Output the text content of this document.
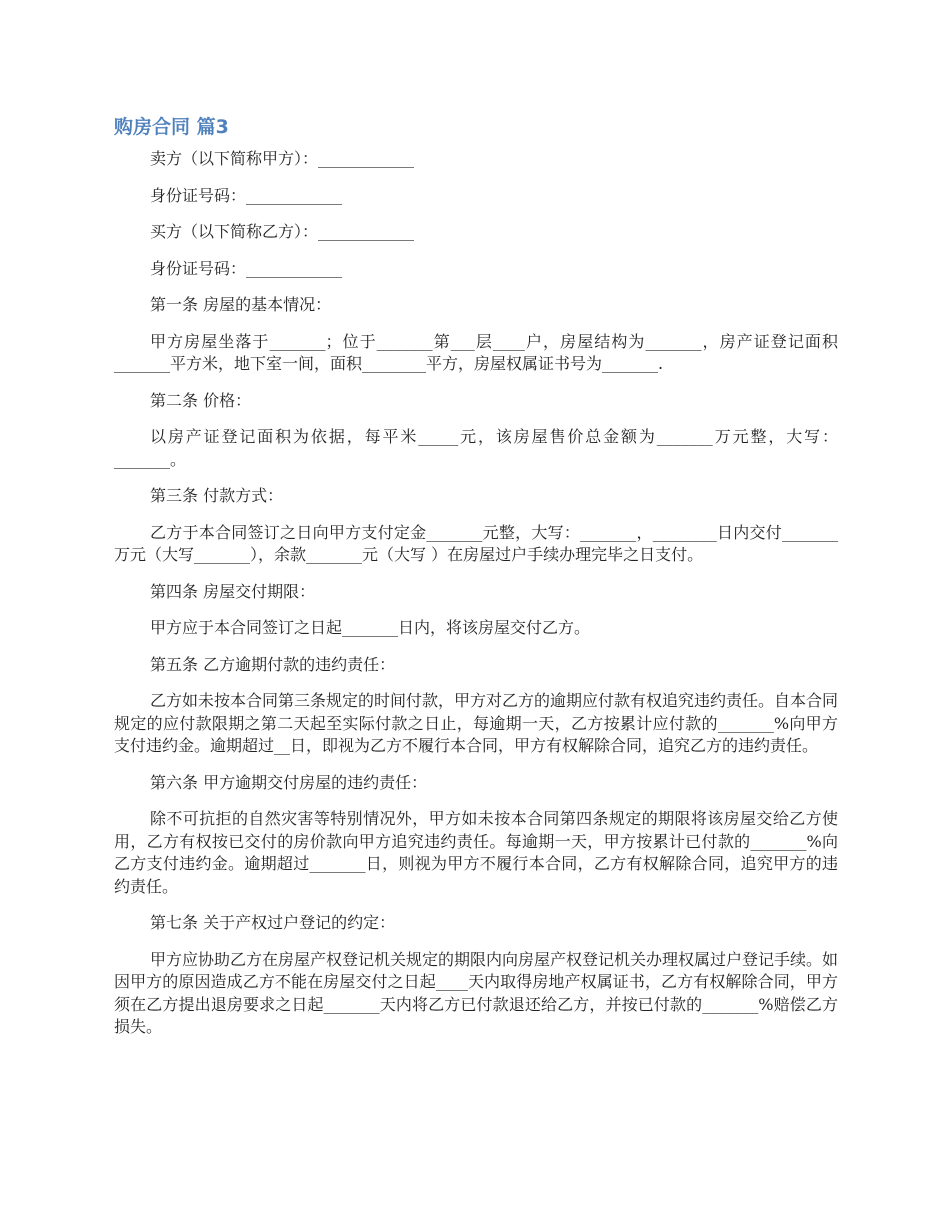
购房合同 篇3

卖方（以下简称甲方）：____________

身份证号码：____________

买方（以下简称乙方）：____________

身份证号码：____________

第一条 房屋的基本情况：

甲方房屋坐落于_______；位于_______第___层____户，房屋结构为_______，房产证登记面积_______平方米，地下室一间，面积________平方，房屋权属证书号为_______.

第二条 价格：

以房产证登记面积为依据，每平米_____元，该房屋售价总金额为_______万元整，大写：_______。

第三条 付款方式：

乙方于本合同签订之日向甲方支付定金_______元整，大写：_______，________日内交付_______万元（大写_______），余款_______元（大写 ）在房屋过户手续办理完毕之日支付。

第四条 房屋交付期限：

甲方应于本合同签订之日起_______日内，将该房屋交付乙方。

第五条 乙方逾期付款的违约责任：

乙方如未按本合同第三条规定的时间付款，甲方对乙方的逾期应付款有权追究违约责任。自本合同规定的应付款限期之第二天起至实际付款之日止，每逾期一天，乙方按累计应付款的_______%向甲方支付违约金。逾期超过__日，即视为乙方不履行本合同，甲方有权解除合同，追究乙方的违约责任。

第六条 甲方逾期交付房屋的违约责任：

除不可抗拒的自然灾害等特别情况外，甲方如未按本合同第四条规定的期限将该房屋交给乙方使用，乙方有权按已交付的房价款向甲方追究违约责任。每逾期一天，甲方按累计已付款的_______%向乙方支付违约金。逾期超过_______日，则视为甲方不履行本合同，乙方有权解除合同，追究甲方的违约责任。

第七条 关于产权过户登记的约定：

甲方应协助乙方在房屋产权登记机关规定的期限内向房屋产权登记机关办理权属过户登记手续。如因甲方的原因造成乙方不能在房屋交付之日起____天内取得房地产权属证书，乙方有权解除合同，甲方须在乙方提出退房要求之日起_______天内将乙方已付款退还给乙方，并按已付款的_______%赔偿乙方损失。
